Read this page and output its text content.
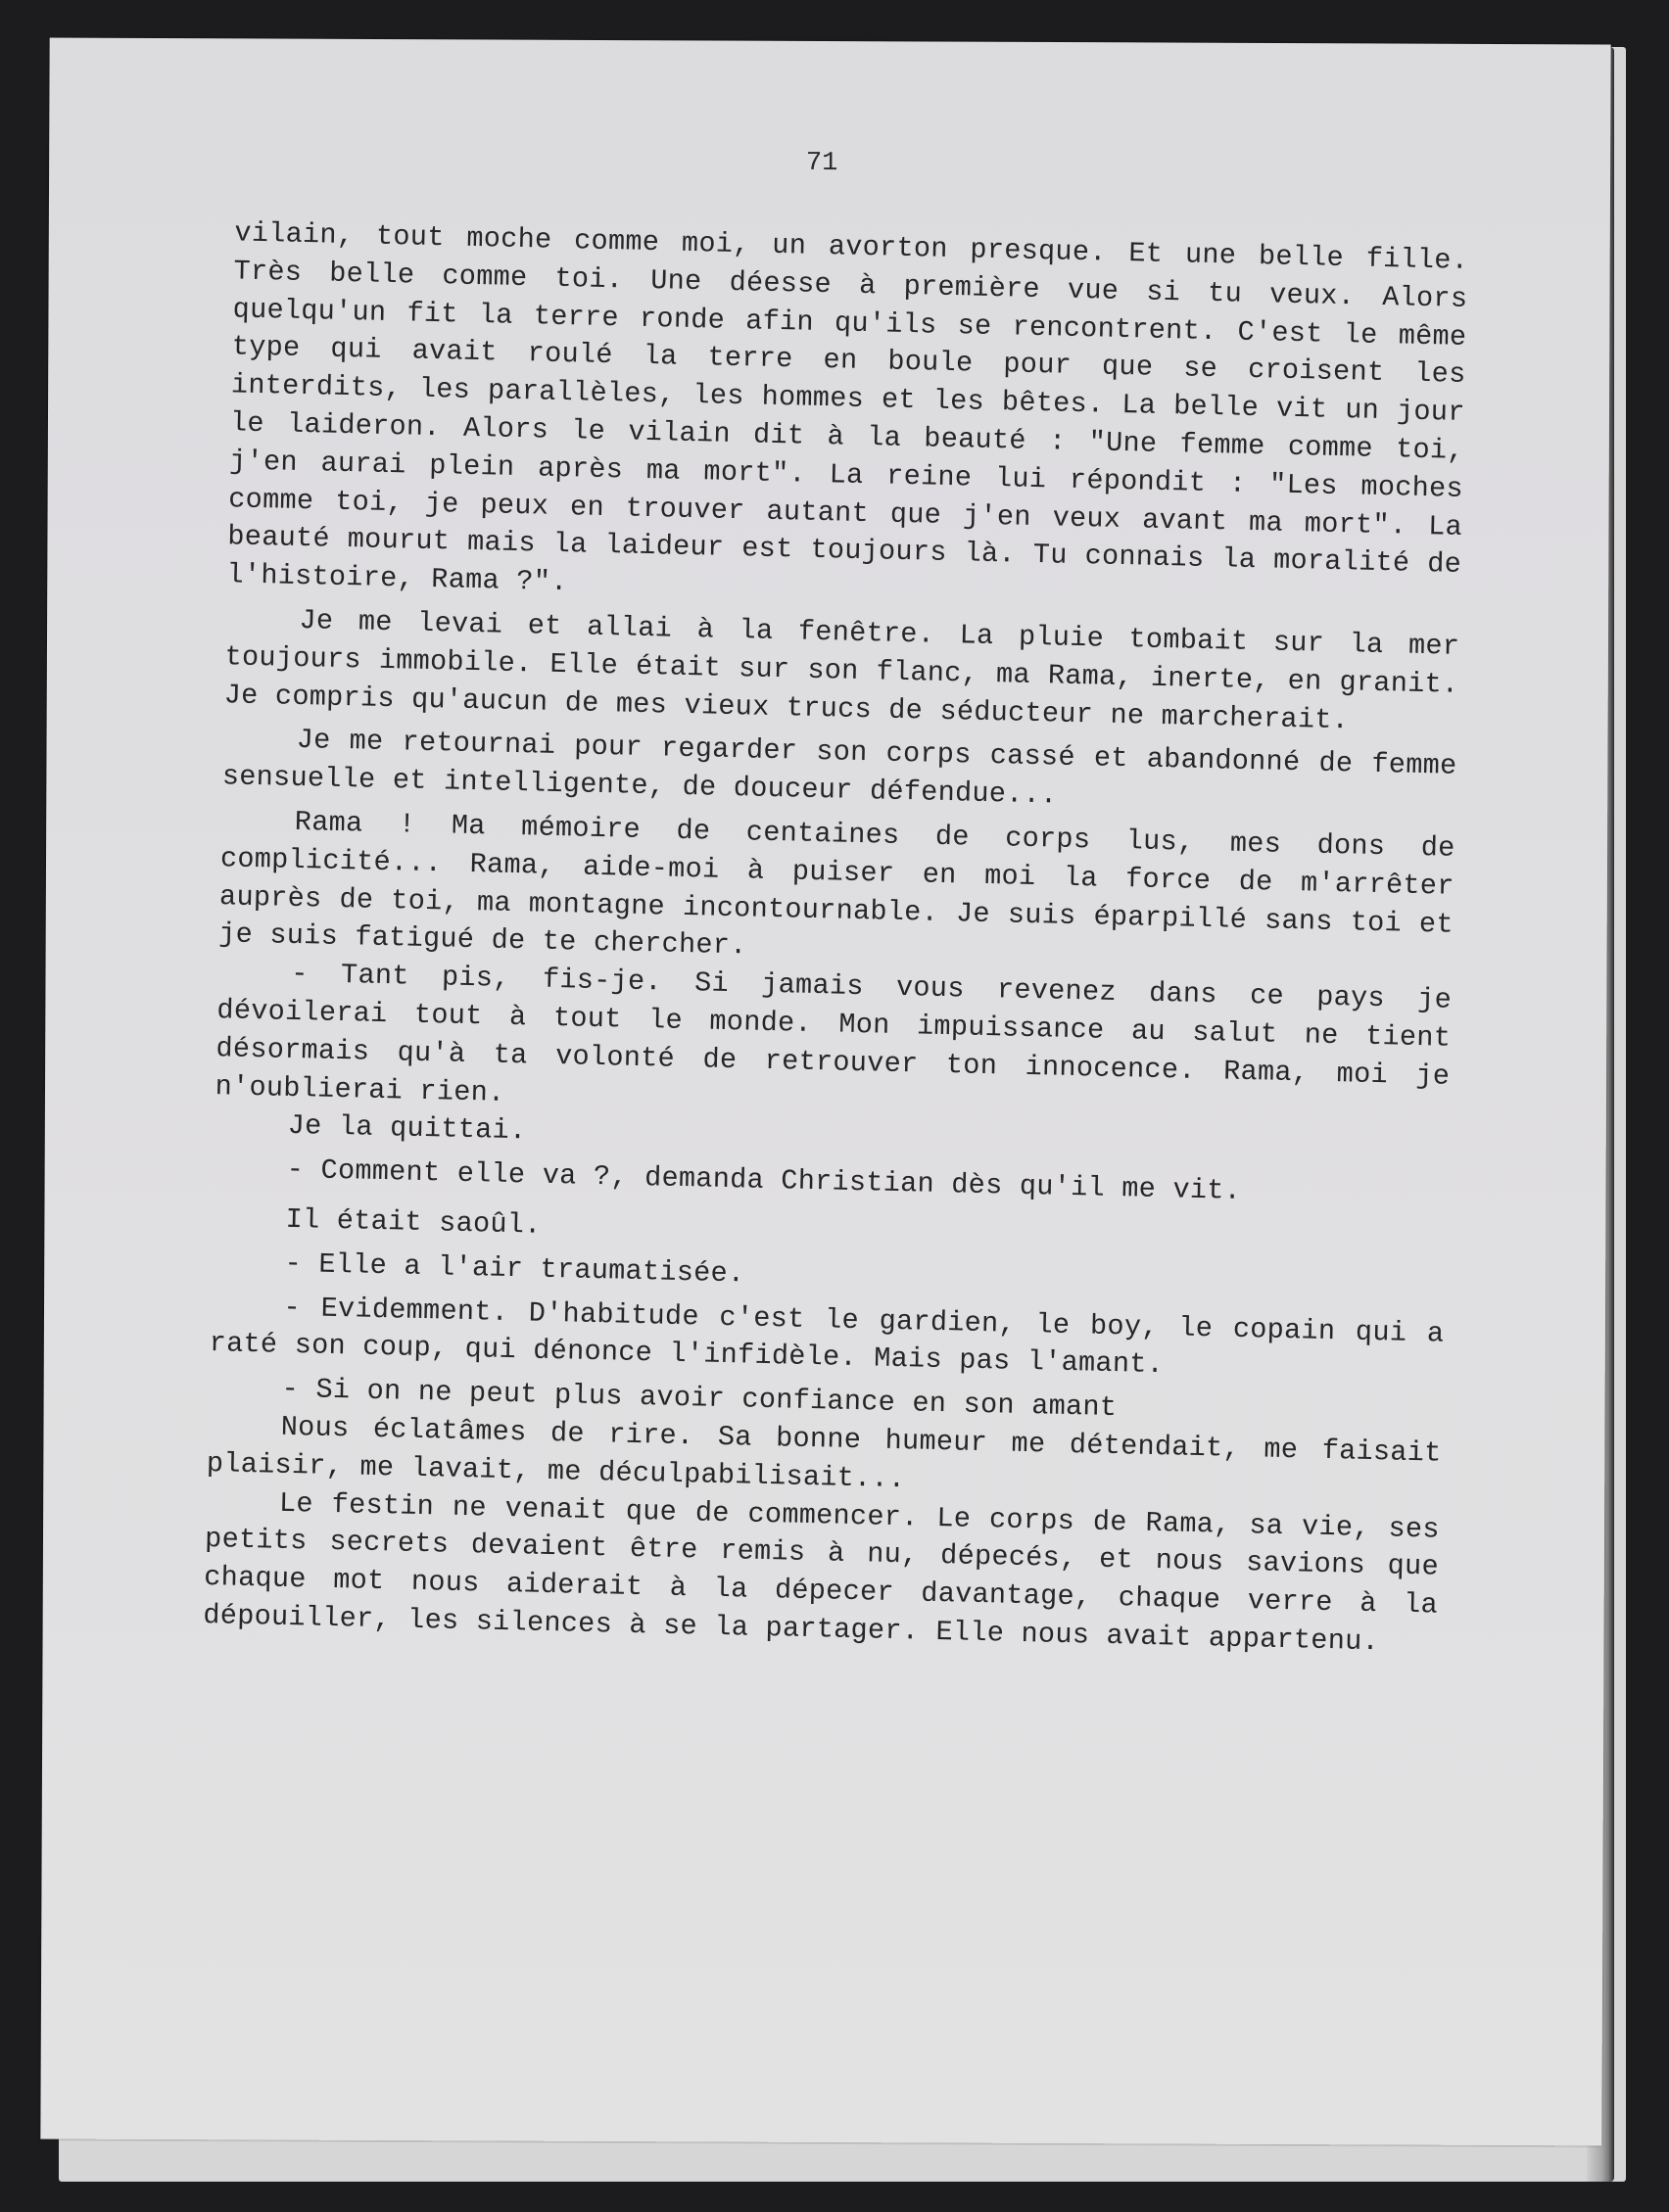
71

vilain, tout moche comme moi, un avorton presque. Et une belle fille. Très belle comme toi. Une déesse à première vue si tu veux. Alors quelqu'un fit la terre ronde afin qu'ils se rencontrent. C'est le même type qui avait roulé la terre en boule pour que se croisent les interdits, les parallèles, les hommes et les bêtes. La belle vit un jour le laideron. Alors le vilain dit à la beauté : "Une femme comme toi, j'en aurai plein après ma mort". La reine lui répondit : "Les moches comme toi, je peux en trouver autant que j'en veux avant ma mort". La beauté mourut mais la laideur est toujours là. Tu connais la moralité de l'histoire, Rama ?".

Je me levai et allai à la fenêtre. La pluie tombait sur la mer toujours immobile. Elle était sur son flanc, ma Rama, inerte, en granit. Je compris qu'aucun de mes vieux trucs de séducteur ne marcherait.

Je me retournai pour regarder son corps cassé et abandonné de femme sensuelle et intelligente, de douceur défendue...

Rama ! Ma mémoire de centaines de corps lus, mes dons de complicité... Rama, aide-moi à puiser en moi la force de m'arrêter auprès de toi, ma montagne incontournable. Je suis éparpillé sans toi et je suis fatigué de te chercher.

- Tant pis, fis-je. Si jamais vous revenez dans ce pays je dévoilerai tout à tout le monde. Mon impuissance au salut ne tient désormais qu'à ta volonté de retrouver ton innocence. Rama, moi je n'oublierai rien.

Je la quittai.

- Comment elle va ?, demanda Christian dès qu'il me vit.

Il était saoûl.

- Elle a l'air traumatisée.

- Evidemment. D'habitude c'est le gardien, le boy, le copain qui a raté son coup, qui dénonce l'infidèle. Mais pas l'amant.

- Si on ne peut plus avoir confiance en son amant

Nous éclatâmes de rire. Sa bonne humeur me détendait, me faisait plaisir, me lavait, me déculpabilisait...

Le festin ne venait que de commencer. Le corps de Rama, sa vie, ses petits secrets devaient être remis à nu, dépecés, et nous savions que chaque mot nous aiderait à la dépecer davantage, chaque verre à la dépouiller, les silences à se la partager. Elle nous avait appartenu.
